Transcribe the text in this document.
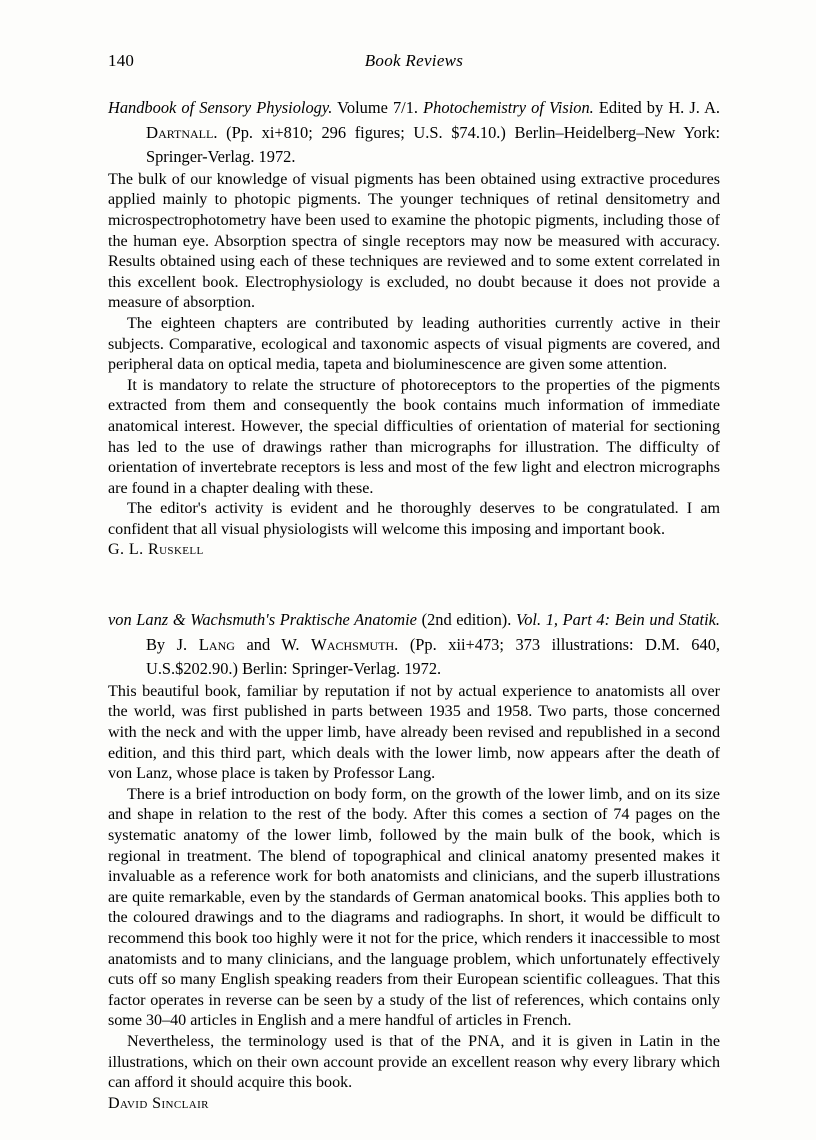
140	Book Reviews

Handbook of Sensory Physiology. Volume 7/1. Photochemistry of Vision. Edited by H. J. A. Dartnall. (Pp. xi+810; 296 figures; U.S. $74.10.) Berlin–Heidelberg–New York: Springer-Verlag. 1972.

The bulk of our knowledge of visual pigments has been obtained using extractive procedures applied mainly to photopic pigments. The younger techniques of retinal densitometry and microspectrophotometry have been used to examine the photopic pigments, including those of the human eye. Absorption spectra of single receptors may now be measured with accuracy. Results obtained using each of these techniques are reviewed and to some extent correlated in this excellent book. Electrophysiology is excluded, no doubt because it does not provide a measure of absorption.

The eighteen chapters are contributed by leading authorities currently active in their subjects. Comparative, ecological and taxonomic aspects of visual pigments are covered, and peripheral data on optical media, tapeta and bioluminescence are given some attention.

It is mandatory to relate the structure of photoreceptors to the properties of the pigments extracted from them and consequently the book contains much information of immediate anatomical interest. However, the special difficulties of orientation of material for sectioning has led to the use of drawings rather than micrographs for illustration. The difficulty of orientation of invertebrate receptors is less and most of the few light and electron micrographs are found in a chapter dealing with these.

The editor's activity is evident and he thoroughly deserves to be congratulated. I am confident that all visual physiologists will welcome this imposing and important book.

G. L. Ruskell

von Lanz & Wachsmuth's Praktische Anatomie (2nd edition). Vol. 1, Part 4: Bein und Statik. By J. Lang and W. Wachsmuth. (Pp. xii+473; 373 illustrations: D.M. 640, U.S.$202.90.) Berlin: Springer-Verlag. 1972.

This beautiful book, familiar by reputation if not by actual experience to anatomists all over the world, was first published in parts between 1935 and 1958. Two parts, those concerned with the neck and with the upper limb, have already been revised and republished in a second edition, and this third part, which deals with the lower limb, now appears after the death of von Lanz, whose place is taken by Professor Lang.

There is a brief introduction on body form, on the growth of the lower limb, and on its size and shape in relation to the rest of the body. After this comes a section of 74 pages on the systematic anatomy of the lower limb, followed by the main bulk of the book, which is regional in treatment. The blend of topographical and clinical anatomy presented makes it invaluable as a reference work for both anatomists and clinicians, and the superb illustrations are quite remarkable, even by the standards of German anatomical books. This applies both to the coloured drawings and to the diagrams and radiographs. In short, it would be difficult to recommend this book too highly were it not for the price, which renders it inaccessible to most anatomists and to many clinicians, and the language problem, which unfortunately effectively cuts off so many English speaking readers from their European scientific colleagues. That this factor operates in reverse can be seen by a study of the list of references, which contains only some 30–40 articles in English and a mere handful of articles in French.

Nevertheless, the terminology used is that of the PNA, and it is given in Latin in the illustrations, which on their own account provide an excellent reason why every library which can afford it should acquire this book.

David Sinclair
